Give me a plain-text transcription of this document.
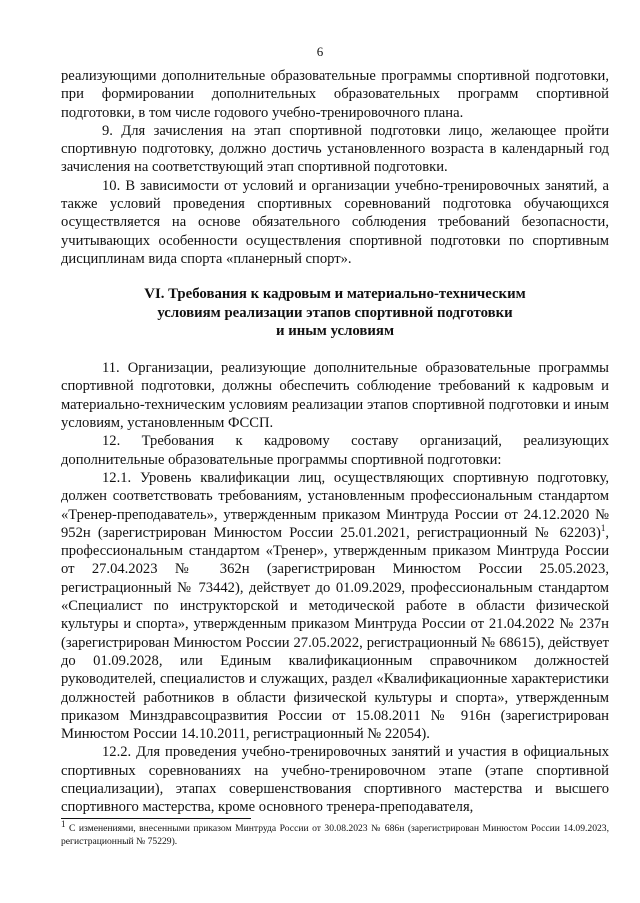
6

реализующими дополнительные образовательные программы спортивной подготовки, при формировании дополнительных образовательных программ спортивной подготовки, в том числе годового учебно-тренировочного плана.

9. Для зачисления на этап спортивной подготовки лицо, желающее пройти спортивную подготовку, должно достичь установленного возраста в календарный год зачисления на соответствующий этап спортивной подготовки.

10. В зависимости от условий и организации учебно-тренировочных занятий, а также условий проведения спортивных соревнований подготовка обучающихся осуществляется на основе обязательного соблюдения требований безопасности, учитывающих особенности осуществления спортивной подготовки по спортивным дисциплинам вида спорта «планерный спорт».

VI. Требования к кадровым и материально-техническим
условиям реализации этапов спортивной подготовки
и иным условиям

11. Организации, реализующие дополнительные образовательные программы спортивной подготовки, должны обеспечить соблюдение требований к кадровым и материально-техническим условиям реализации этапов спортивной подготовки и иным условиям, установленным ФССП.

12. Требования к кадровому составу организаций, реализующих дополнительные образовательные программы спортивной подготовки:

12.1. Уровень квалификации лиц, осуществляющих спортивную подготовку, должен соответствовать требованиям, установленным профессиональным стандартом «Тренер-преподаватель», утвержденным приказом Минтруда России от 24.12.2020 № 952н (зарегистрирован Минюстом России 25.01.2021, регистрационный № 62203)$^1$, профессиональным стандартом «Тренер», утвержденным приказом Минтруда России от 27.04.2023 № 362н (зарегистрирован Минюстом России 25.05.2023, регистрационный № 73442), действует до 01.09.2029, профессиональным стандартом «Специалист по инструкторской и методической работе в области физической культуры и спорта», утвержденным приказом Минтруда России от 21.04.2022 № 237н (зарегистрирован Минюстом России 27.05.2022, регистрационный № 68615), действует до 01.09.2028, или Единым квалификационным справочником должностей руководителей, специалистов и служащих, раздел «Квалификационные характеристики должностей работников в области физической культуры и спорта», утвержденным приказом Минздравсоцразвития России от 15.08.2011 № 916н (зарегистрирован Минюстом России 14.10.2011, регистрационный № 22054).

12.2. Для проведения учебно-тренировочных занятий и участия в официальных спортивных соревнованиях на учебно-тренировочном этапе (этапе спортивной специализации), этапах совершенствования спортивного мастерства и высшего спортивного мастерства, кроме основного тренера-преподавателя,

$^1$ С изменениями, внесенными приказом Минтруда России от 30.08.2023 № 686н (зарегистрирован Минюстом России 14.09.2023, регистрационный № 75229).
